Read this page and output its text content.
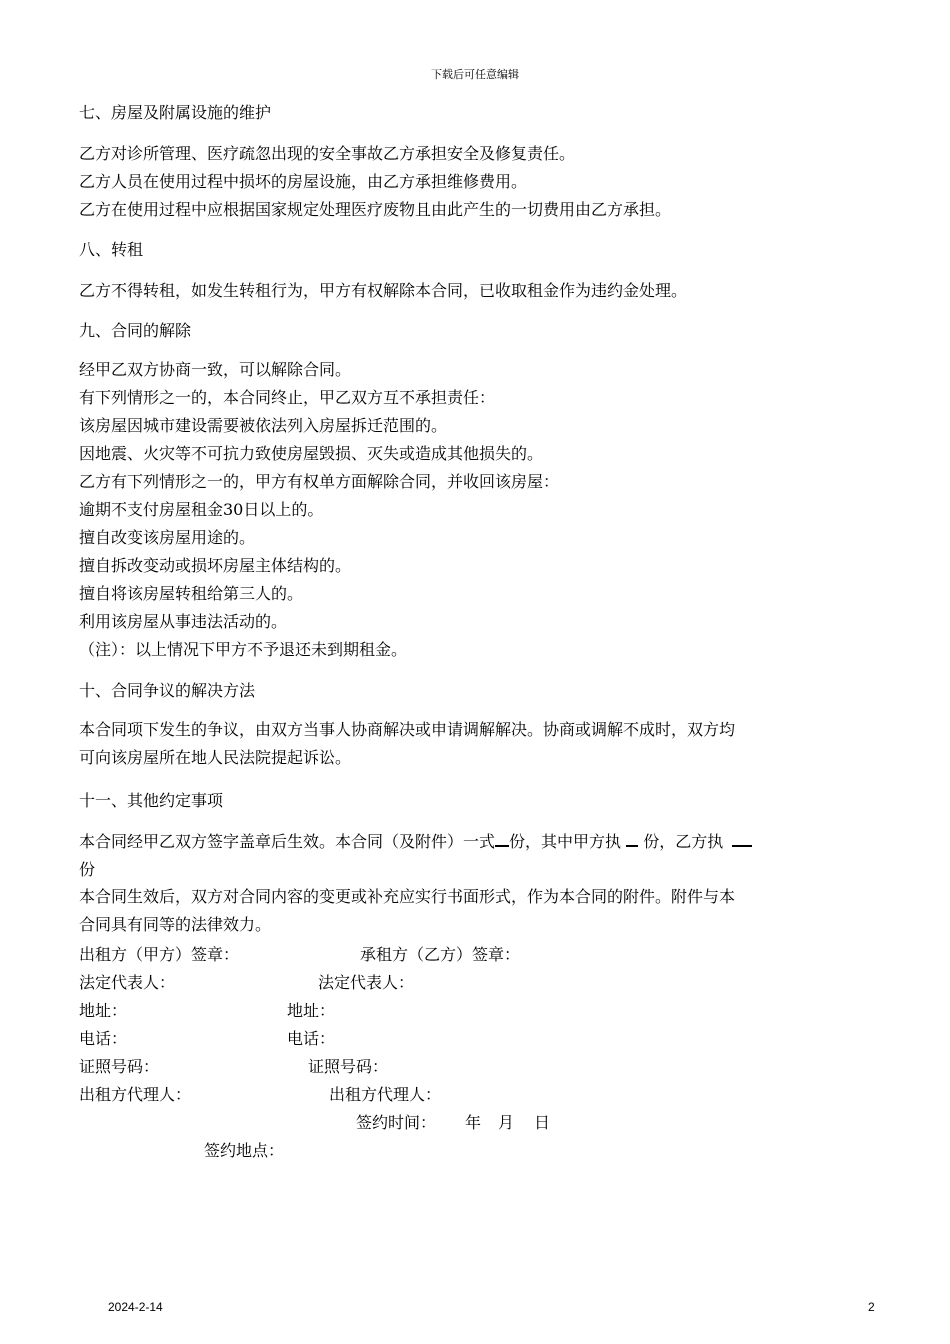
下载后可任意编辑
七、房屋及附属设施的维护
乙方对诊所管理、医疗疏忽出现的安全事故乙方承担安全及修复责任。
乙方人员在使用过程中损坏的房屋设施，由乙方承担维修费用。
乙方在使用过程中应根据国家规定处理医疗废物且由此产生的一切费用由乙方承担。
八、转租
乙方不得转租，如发生转租行为，甲方有权解除本合同，已收取租金作为违约金处理。
九、合同的解除
经甲乙双方协商一致，可以解除合同。
有下列情形之一的，本合同终止，甲乙双方互不承担责任：
该房屋因城市建设需要被依法列入房屋拆迁范围的。
因地震、火灾等不可抗力致使房屋毁损、灭失或造成其他损失的。
乙方有下列情形之一的，甲方有权单方面解除合同，并收回该房屋：
逾期不支付房屋租金30日以上的。
擅自改变该房屋用途的。
擅自拆改变动或损坏房屋主体结构的。
擅自将该房屋转租给第三人的。
利用该房屋从事违法活动的。
（注）：以上情况下甲方不予退还未到期租金。
十、合同争议的解决方法
本合同项下发生的争议，由双方当事人协商解决或申请调解解决。协商或调解不成时，双方均
可向该房屋所在地人民法院提起诉讼。
十一、其他约定事项
本合同经甲乙双方签字盖章后生效。本合同（及附件）一式 份，其中甲方执 份，乙方执
份
本合同生效后，双方对合同内容的变更或补充应实行书面形式，作为本合同的附件。附件与本
合同具有同等的法律效力。
出租方（甲方）签章：	承租方（乙方）签章：
法定代表人：	法定代表人：
地址：	地址：
电话：	电话：
证照号码：	证照号码：
出租方代理人：	出租方代理人：
签约时间： 年 月 日
签约地点：
2024-2-14	2
